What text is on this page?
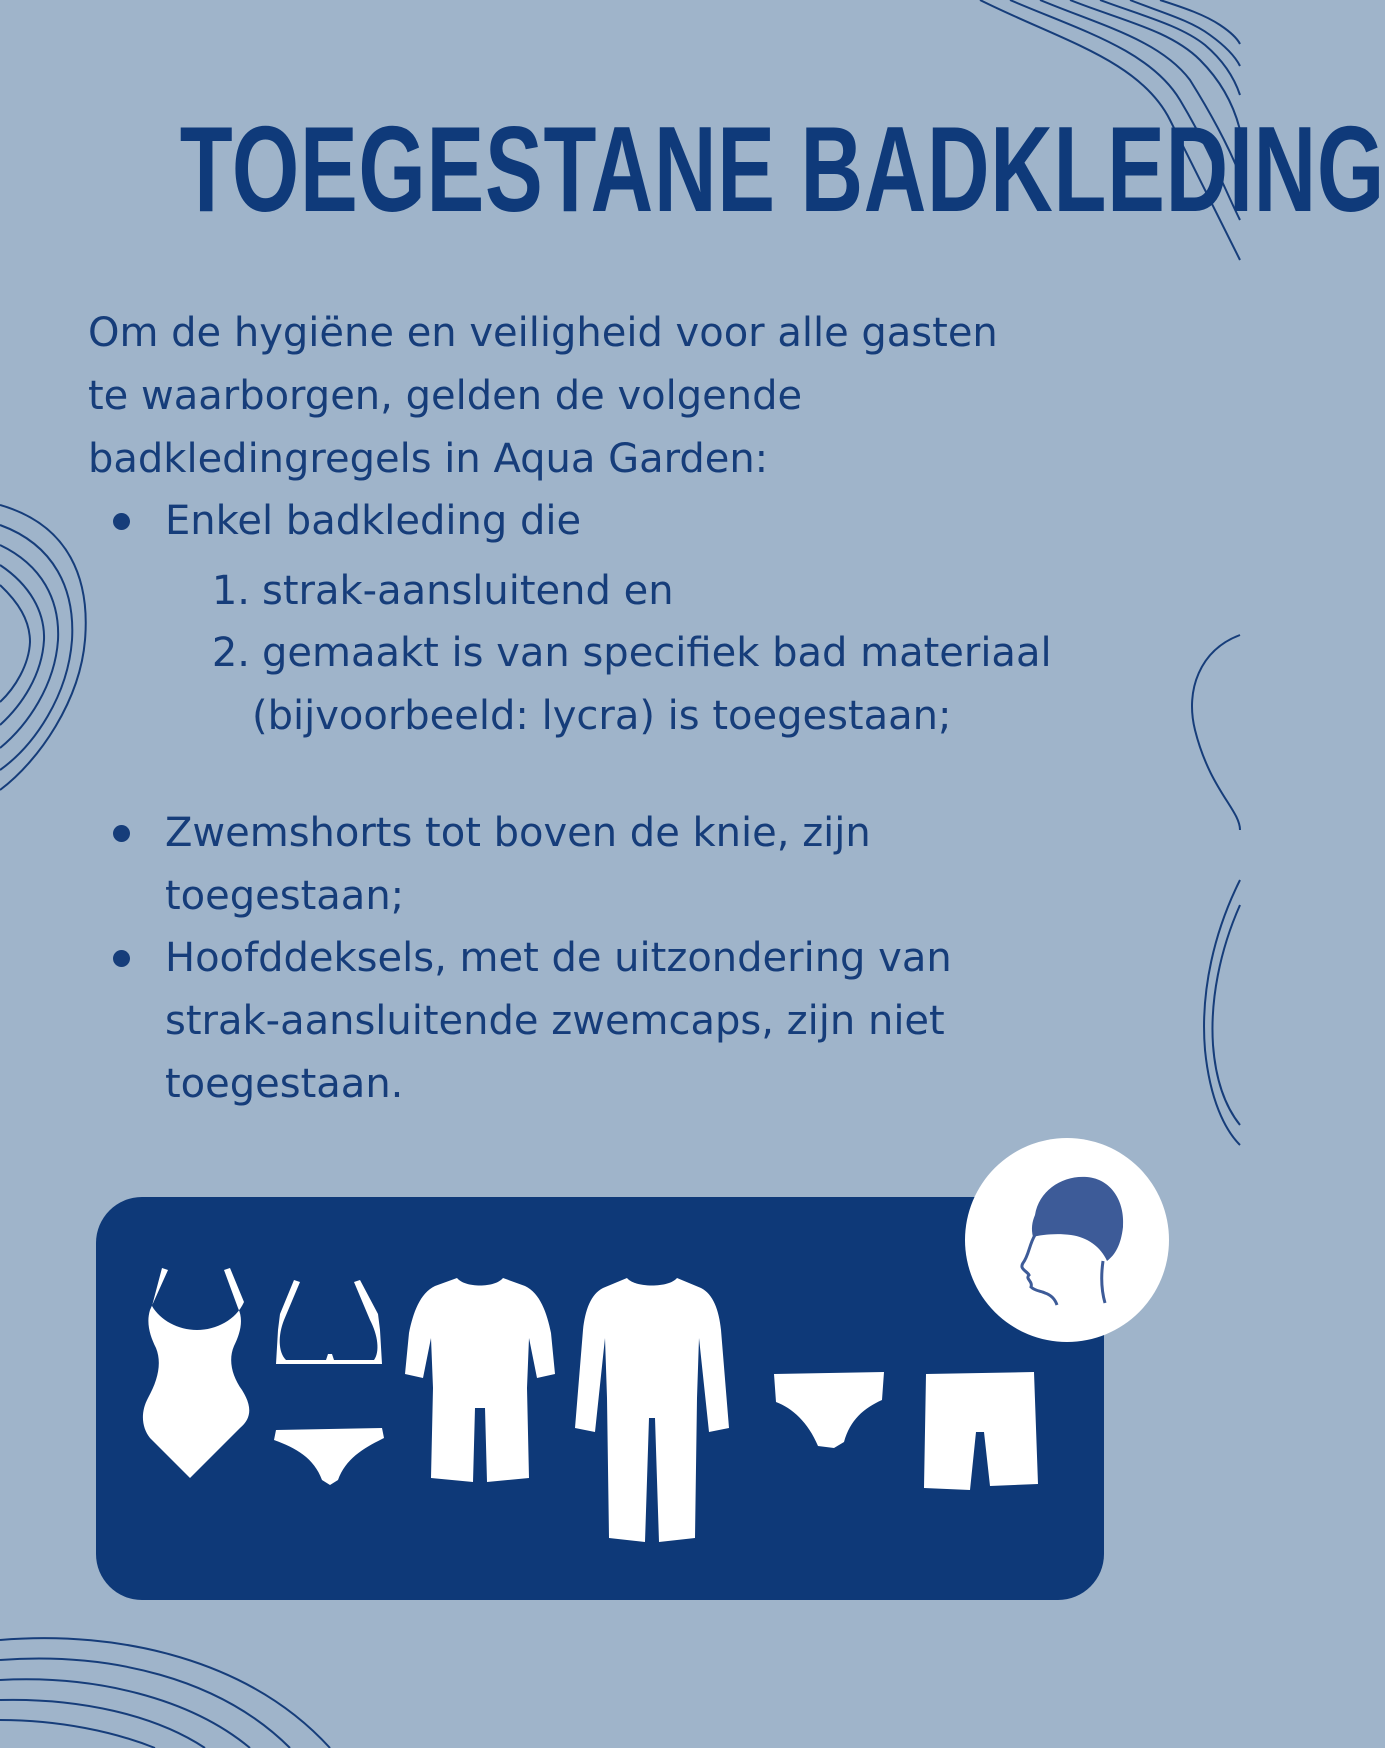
TOEGESTANE BADKLEDING

Om de hygiëne en veiligheid voor alle gasten
te waarborgen, gelden de volgende
badkledingregels in Aqua Garden:

Enkel badkleding die
1. strak-aansluitend en
2. gemaakt is van specifiek bad materiaal
(bijvoorbeeld: lycra) is toegestaan;
Zwemshorts tot boven de knie, zijn
toegestaan;
Hoofddeksels, met de uitzondering van
strak-aansluitende zwemcaps, zijn niet
toegestaan.
